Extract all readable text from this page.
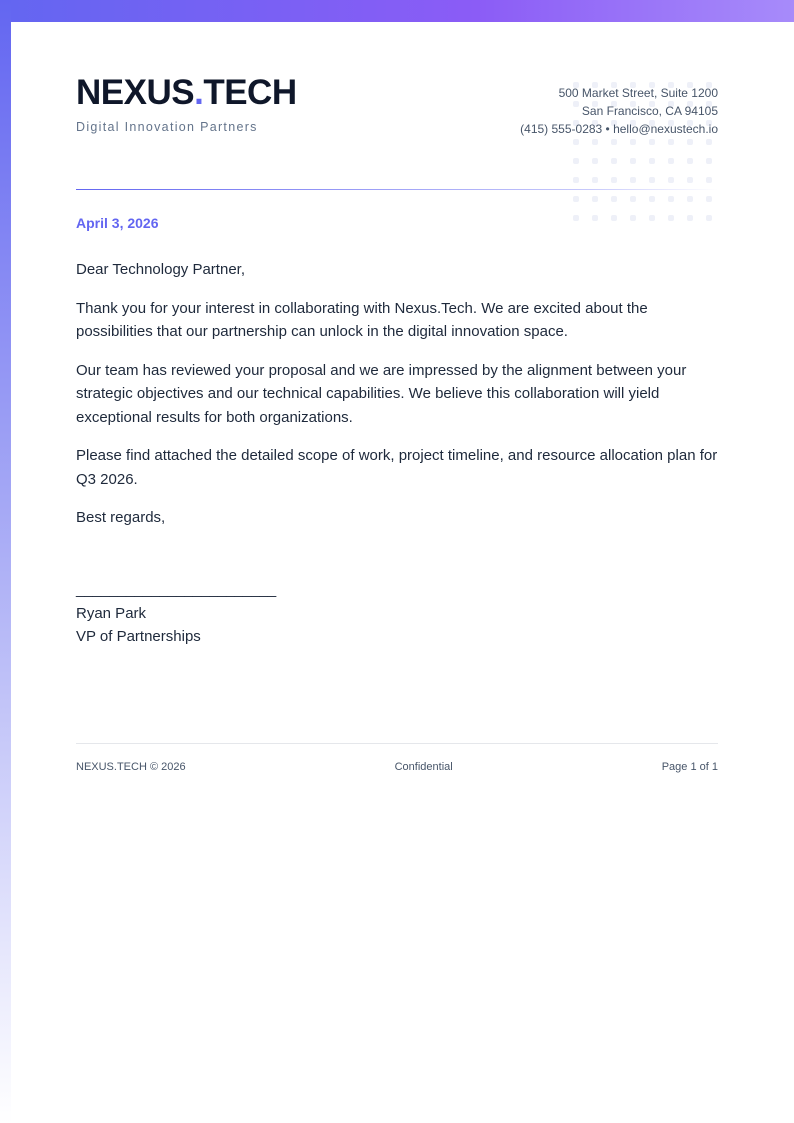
NEXUS.TECH
Digital Innovation Partners
500 Market Street, Suite 1200
San Francisco, CA 94105
(415) 555-0283 • hello@nexustech.io
April 3, 2026

Dear Technology Partner,

Thank you for your interest in collaborating with Nexus.Tech. We are excited about the possibilities that our partnership can unlock in the digital innovation space.

Our team has reviewed your proposal and we are impressed by the alignment between your strategic objectives and our technical capabilities. We believe this collaboration will yield exceptional results for both organizations.

Please find attached the detailed scope of work, project timeline, and resource allocation plan for Q3 2026.

Best regards,

________________________
Ryan Park
VP of Partnerships
NEXUS.TECH © 2026	Confidential	Page 1 of 1
